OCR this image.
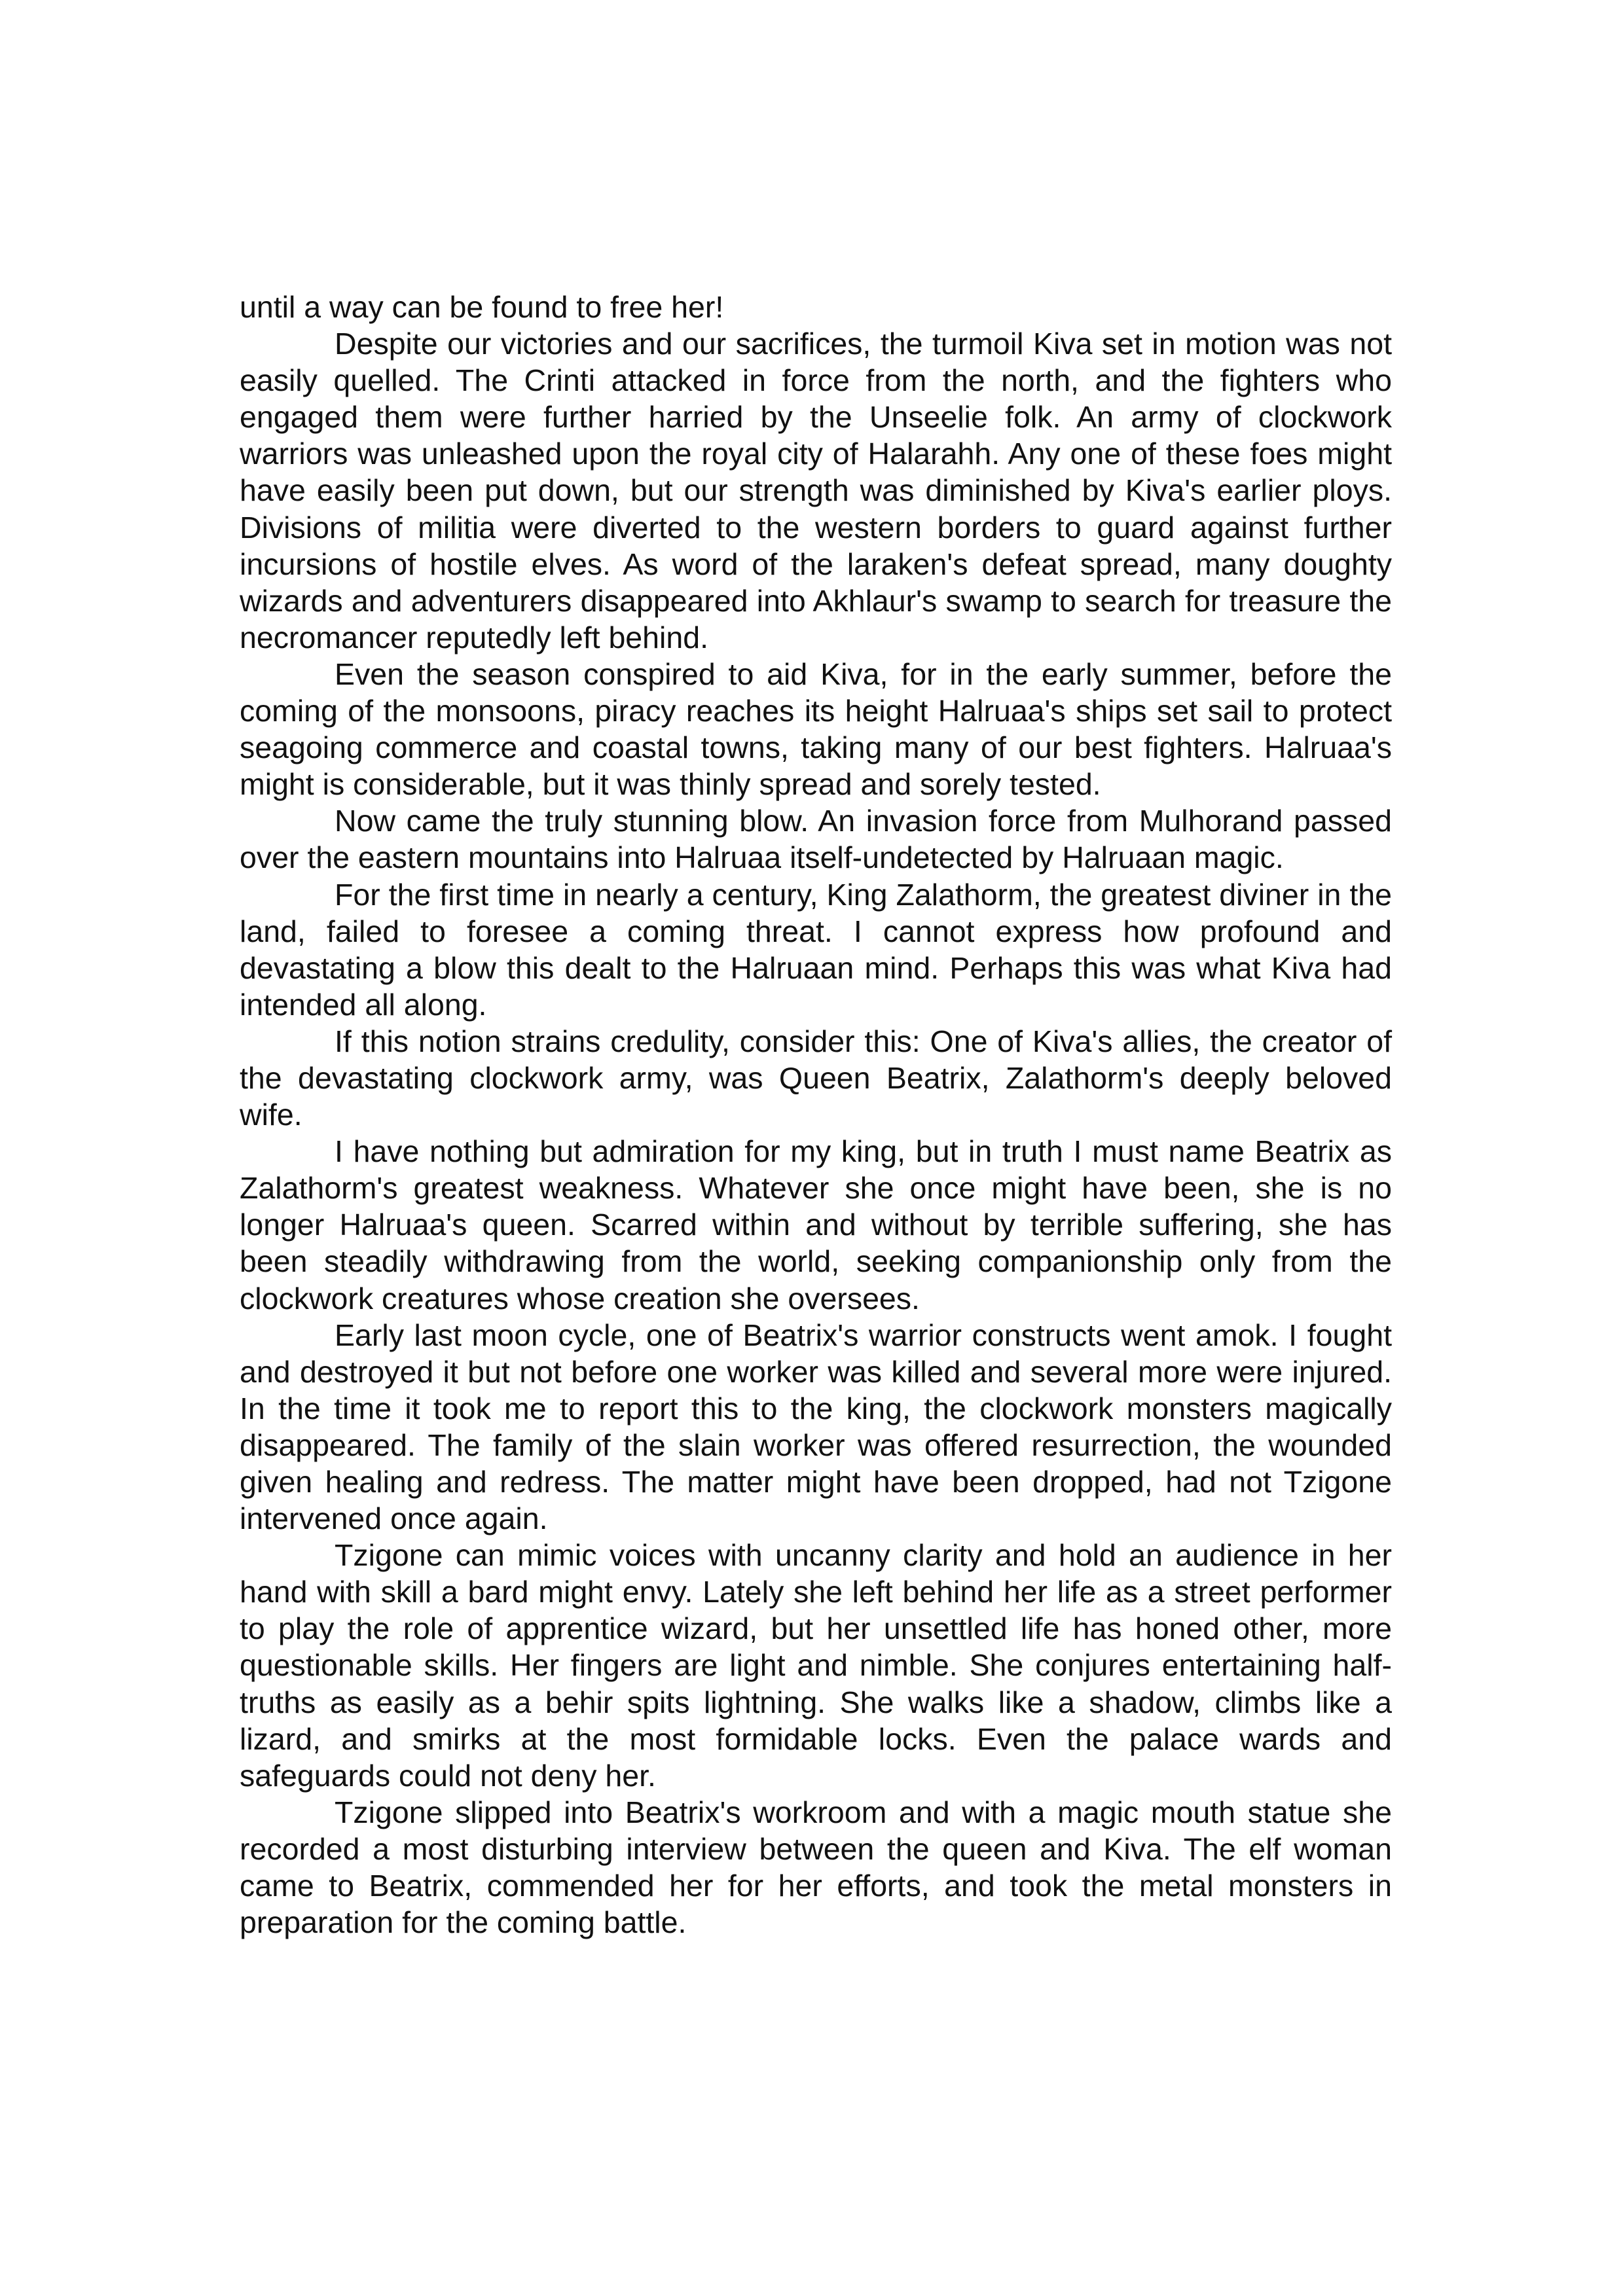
until a way can be found to free her!

Despite our victories and our sacrifices, the turmoil Kiva set in motion was not easily quelled. The Crinti attacked in force from the north, and the fighters who engaged them were further harried by the Unseelie folk. An army of clockwork warriors was unleashed upon the royal city of Halarahh. Any one of these foes might have easily been put down, but our strength was diminished by Kiva's earlier ploys. Divisions of militia were diverted to the western borders to guard against further incursions of hostile elves. As word of the laraken's defeat spread, many doughty wizards and adventurers disappeared into Akhlaur's swamp to search for treasure the necromancer reputedly left behind.

Even the season conspired to aid Kiva, for in the early summer, before the coming of the monsoons, piracy reaches its height Halruaa's ships set sail to protect seagoing commerce and coastal towns, taking many of our best fighters. Halruaa's might is considerable, but it was thinly spread and sorely tested.

Now came the truly stunning blow. An invasion force from Mulhorand passed over the eastern mountains into Halruaa itself-undetected by Halruaan magic.

For the first time in nearly a century, King Zalathorm, the greatest diviner in the land, failed to foresee a coming threat. I cannot express how profound and devastating a blow this dealt to the Halruaan mind. Perhaps this was what Kiva had intended all along.

If this notion strains credulity, consider this: One of Kiva's allies, the creator of the devastating clockwork army, was Queen Beatrix, Zalathorm's deeply beloved wife.

I have nothing but admiration for my king, but in truth I must name Beatrix as Zalathorm's greatest weakness. Whatever she once might have been, she is no longer Halruaa's queen. Scarred within and without by terrible suffering, she has been steadily withdrawing from the world, seeking companionship only from the clockwork creatures whose creation she oversees.

Early last moon cycle, one of Beatrix's warrior constructs went amok. I fought and destroyed it but not before one worker was killed and several more were injured. In the time it took me to report this to the king, the clockwork monsters magically disappeared. The family of the slain worker was offered resurrection, the wounded given healing and redress. The matter might have been dropped, had not Tzigone intervened once again.

Tzigone can mimic voices with uncanny clarity and hold an audience in her hand with skill a bard might envy. Lately she left behind her life as a street performer to play the role of apprentice wizard, but her unsettled life has honed other, more questionable skills. Her fingers are light and nimble. She conjures entertaining half-truths as easily as a behir spits lightning. She walks like a shadow, climbs like a lizard, and smirks at the most formidable locks. Even the palace wards and safeguards could not deny her.

Tzigone slipped into Beatrix's workroom and with a magic mouth statue she recorded a most disturbing interview between the queen and Kiva. The elf woman came to Beatrix, commended her for her efforts, and took the metal monsters in preparation for the coming battle.
